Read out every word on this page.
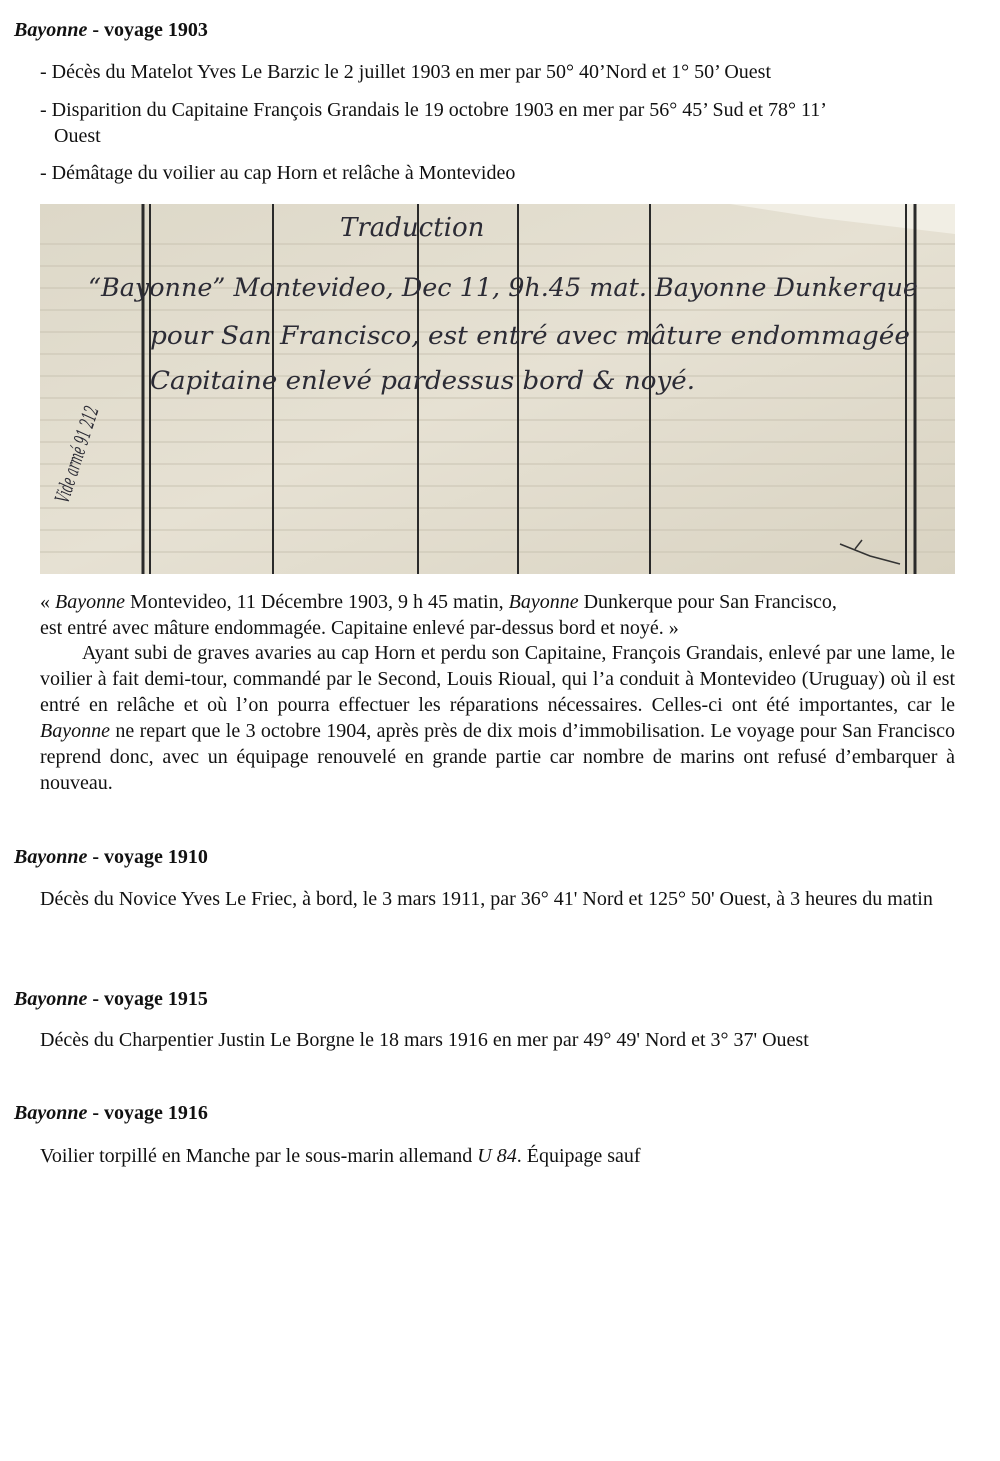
Bayonne - voyage 1903
- Décès du Matelot Yves Le Barzic le 2 juillet 1903 en mer par 50° 40’Nord et 1° 50’ Ouest
- Disparition du Capitaine François Grandais le 19 octobre 1903 en mer par 56° 45’ Sud et 78° 11’
Ouest
- Démâtage du voilier au cap Horn et relâche à Montevideo
Traduction
“Bayonne” Montevideo, Dec 11, 9h.45 mat. Bayonne Dunkerque
pour San Francisco, est entré avec mâture endommagée
Capitaine enlevé pardessus bord & noyé.
Vide armé 91 212
« Bayonne Montevideo, 11 Décembre 1903, 9 h 45 matin, Bayonne Dunkerque pour San Francisco,
est entré avec mâture endommagée. Capitaine enlevé par-dessus bord et noyé. »
Ayant subi de graves avaries au cap Horn et perdu son Capitaine, François Grandais, enlevé par une lame, le voilier à fait demi-tour, commandé par le Second, Louis Rioual, qui l’a conduit à Montevideo (Uruguay) où il est entré en relâche et où l’on pourra effectuer les réparations nécessaires. Celles-ci ont été importantes, car le Bayonne ne repart que le 3 octobre 1904, après près de dix mois d’immobilisation. Le voyage pour San Francisco reprend donc, avec un équipage renouvelé en grande partie car nombre de marins ont refusé d’embarquer à nouveau.
Bayonne - voyage 1910
Décès du Novice Yves Le Friec, à bord, le 3 mars 1911, par 36° 41' Nord et 125° 50' Ouest, à 3 heures du matin
Bayonne - voyage 1915
Décès du Charpentier Justin Le Borgne le 18 mars 1916 en mer par 49° 49' Nord et 3° 37' Ouest
Bayonne - voyage 1916
Voilier torpillé en Manche par le sous-marin allemand U 84. Équipage sauf
